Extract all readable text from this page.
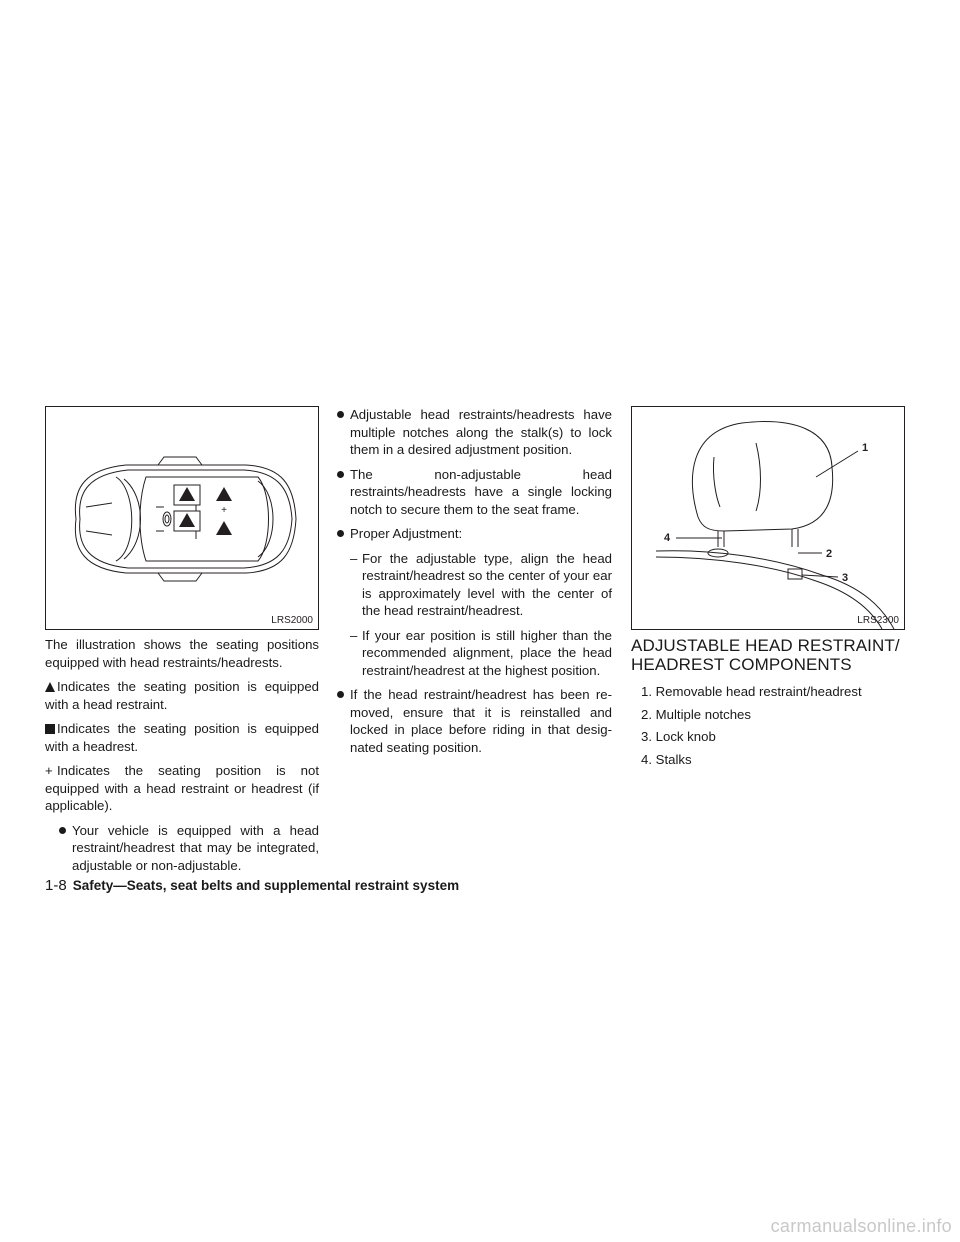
+
LRS2000

The illustration shows the seating positions equipped with head restraints/headrests.

Indicates the seating position is equipped with a head restraint.

Indicates the seating position is equipped with a headrest.

+ Indicates the seating position is not equipped with a head restraint or headrest (if applicable).

Your vehicle is equipped with a head restraint/headrest that may be integrated, adjustable or non-adjustable.
Adjustable head restraints/headrests have multiple notches along the stalk(s) to lock them in a desired adjustment position.
The non-adjustable head restraints/headrests have a single locking notch to secure them to the seat frame.
Proper Adjustment:
– For the adjustable type, align the head restraint/headrest so the center of your ear is approximately level with the center of the head restraint/headrest.
– If your ear position is still higher than the recommended alignment, place the head restraint/headrest at the highest position.
If the head restraint/headrest has been re-moved, ensure that it is reinstalled and locked in place before riding in that desig-nated seating position.
1
2
3
4
LRS2300
ADJUSTABLE HEAD RESTRAINT/
HEADREST COMPONENTS
1. Removable head restraint/headrest
2. Multiple notches
3. Lock knob
4. Stalks
1-8 Safety—Seats, seat belts and supplemental restraint system
carmanualsonline.info
